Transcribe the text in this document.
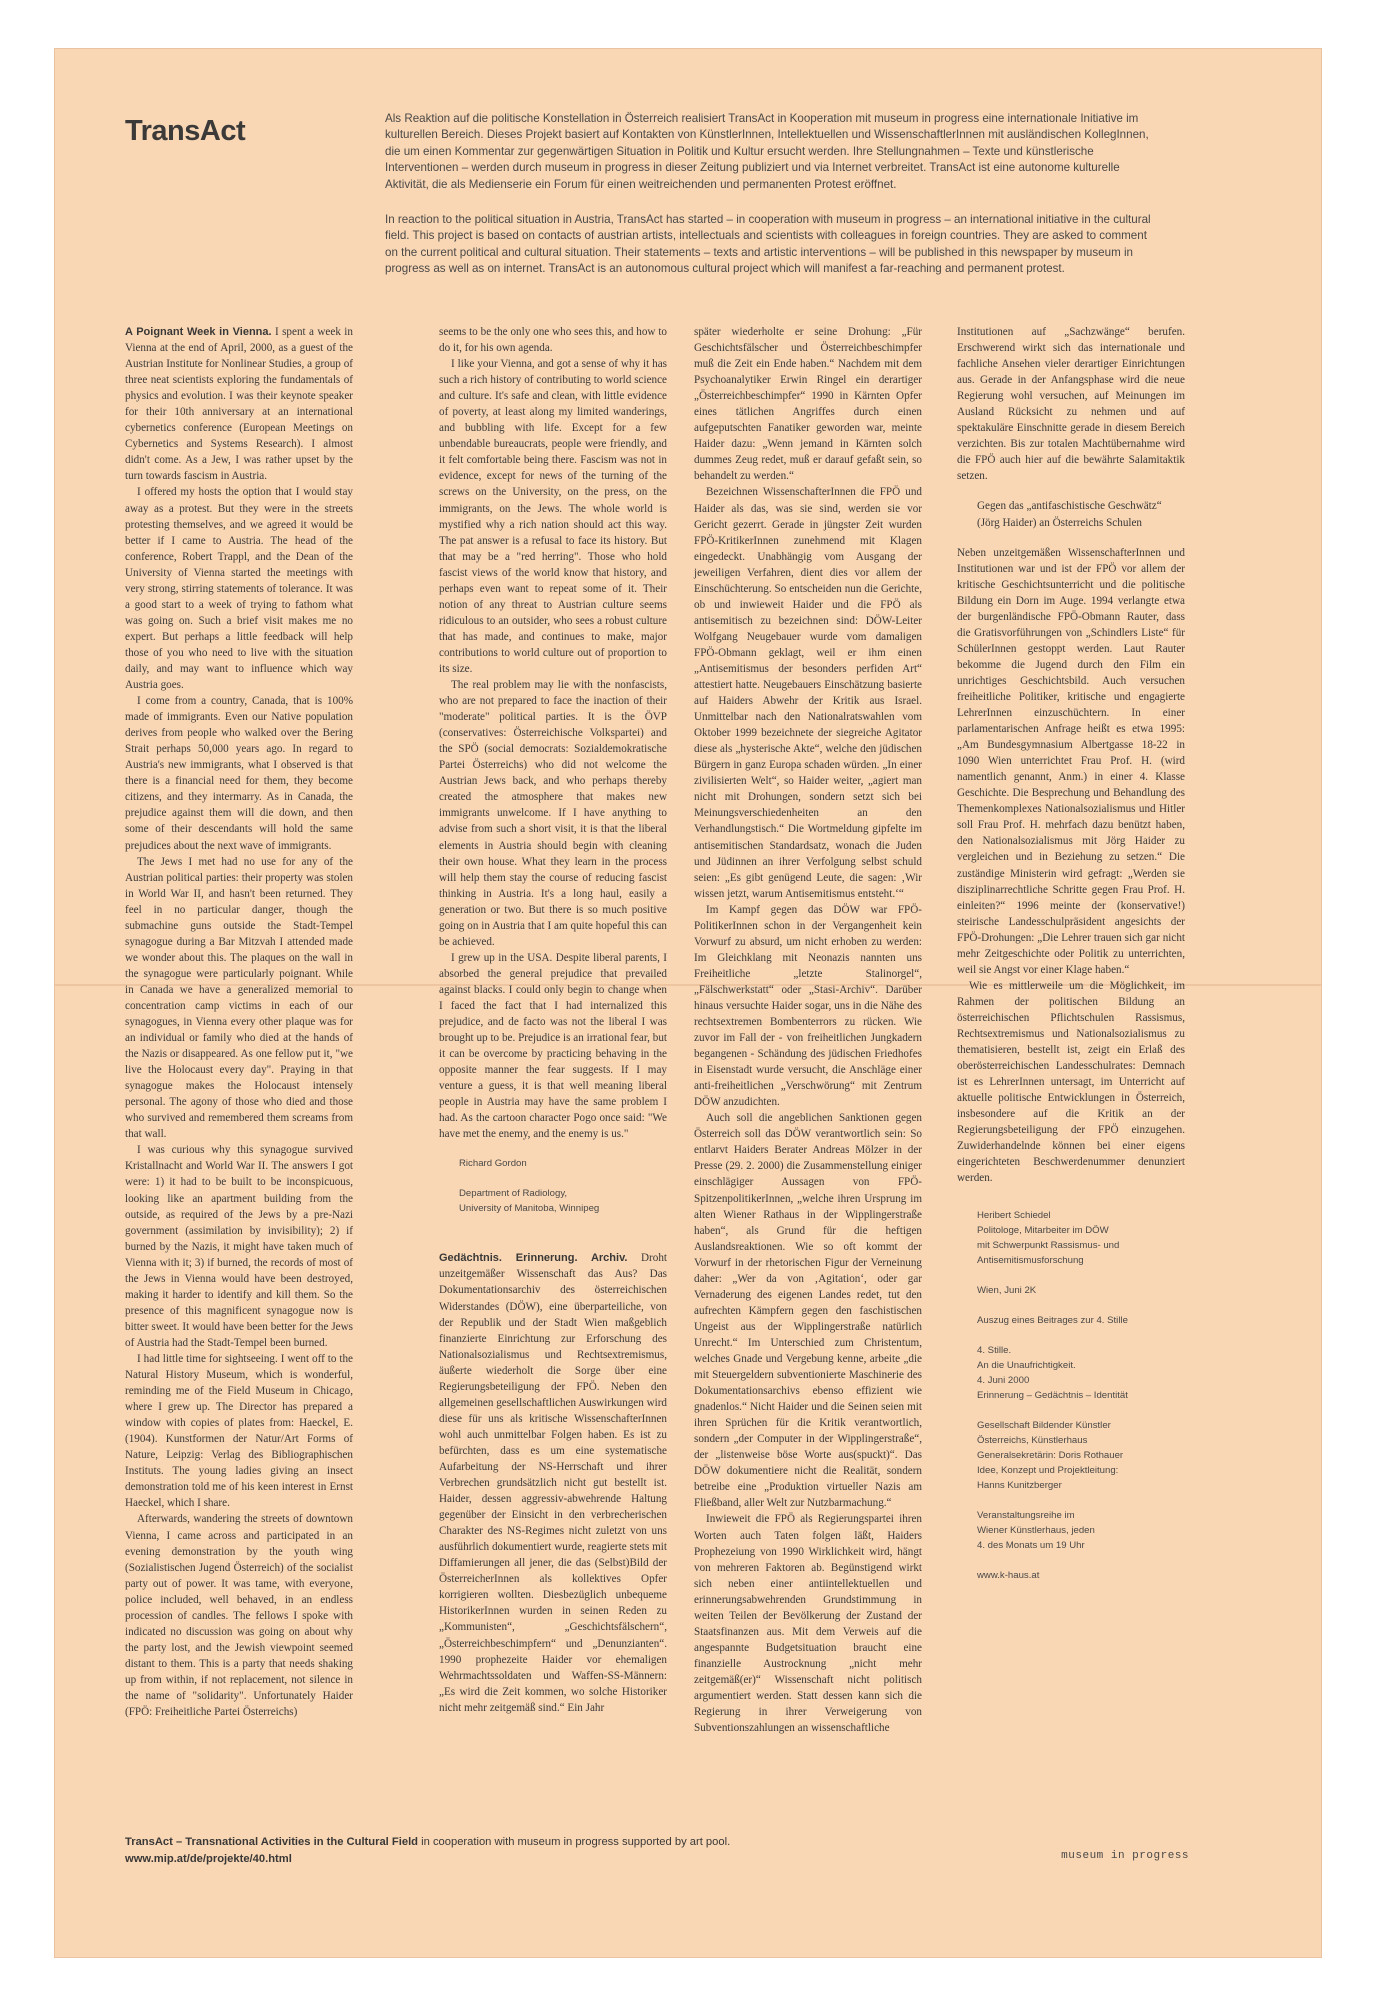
TransAct	Als Reaktion auf die politische Konstellation in Österreich realisiert TransAct in Kooperation mit museum in progress eine internationale Initiative im kulturellen Bereich. Dieses Projekt basiert auf Kontakten von KünstlerInnen, Intellektuellen und WissenschaftlerInnen mit ausländischen KollegInnen, die um einen Kommentar zur gegenwärtigen Situation in Politik und Kultur ersucht werden. Ihre Stellungnahmen – Texte und künstlerische Interventionen – werden durch museum in progress in dieser Zeitung publiziert und via Internet verbreitet. TransAct ist eine autonome kulturelle Aktivität, die als Medienserie ein Forum für einen weitreichenden und permanenten Protest eröffnet.

In reaction to the political situation in Austria, TransAct has started – in cooperation with museum in progress – an international initiative in the cultural field. This project is based on contacts of austrian artists, intellectuals and scientists with colleagues in foreign countries. They are asked to comment on the current political and cultural situation. Their statements – texts and artistic interventions – will be published in this newspaper by museum in progress as well as on internet. TransAct is an autonomous cultural project which will manifest a far-reaching and permanent protest.

A Poignant Week in Vienna. I spent a week in Vienna at the end of April, 2000, as a guest of the Austrian Institute for Nonlinear Studies, a group of three neat scientists exploring the fundamentals of physics and evolution. I was their keynote speaker for their 10th anniversary at an international cybernetics conference (European Meetings on Cybernetics and Systems Research). I almost didn't come. As a Jew, I was rather upset by the turn towards fascism in Austria.

I offered my hosts the option that I would stay away as a protest. But they were in the streets protesting themselves, and we agreed it would be better if I came to Austria. The head of the conference, Robert Trappl, and the Dean of the University of Vienna started the meetings with very strong, stirring statements of tolerance. It was a good start to a week of trying to fathom what was going on. Such a brief visit makes me no expert. But perhaps a little feedback will help those of you who need to live with the situation daily, and may want to influence which way Austria goes.

I come from a country, Canada, that is 100% made of immigrants. Even our Native population derives from people who walked over the Bering Strait perhaps 50,000 years ago. In regard to Austria's new immigrants, what I observed is that there is a financial need for them, they become citizens, and they intermarry. As in Canada, the prejudice against them will die down, and then some of their descendants will hold the same prejudices about the next wave of immigrants.

The Jews I met had no use for any of the Austrian political parties: their property was stolen in World War II, and hasn't been returned. They feel in no particular danger, though the submachine guns outside the Stadt-Tempel synagogue during a Bar Mitzvah I attended made we wonder about this. The plaques on the wall in the synagogue were particularly poignant. While in Canada we have a generalized memorial to concentration camp victims in each of our synagogues, in Vienna every other plaque was for an individual or family who died at the hands of the Nazis or disappeared. As one fellow put it, "we live the Holocaust every day". Praying in that synagogue makes the Holocaust intensely personal. The agony of those who died and those who survived and remembered them screams from that wall.

I was curious why this synagogue survived Kristallnacht and World War II. The answers I got were: 1) it had to be built to be inconspicuous, looking like an apartment building from the outside, as required of the Jews by a pre-Nazi government (assimilation by invisibility); 2) if burned by the Nazis, it might have taken much of Vienna with it; 3) if burned, the records of most of the Jews in Vienna would have been destroyed, making it harder to identify and kill them. So the presence of this magnificent synagogue now is bitter sweet. It would have been better for the Jews of Austria had the Stadt-Tempel been burned.

I had little time for sightseeing. I went off to the Natural History Museum, which is wonderful, reminding me of the Field Museum in Chicago, where I grew up. The Director has prepared a window with copies of plates from: Haeckel, E. (1904). Kunstformen der Natur/Art Forms of Nature, Leipzig: Verlag des Bibliographischen Instituts. The young ladies giving an insect demonstration told me of his keen interest in Ernst Haeckel, which I share.

Afterwards, wandering the streets of downtown Vienna, I came across and participated in an evening demonstration by the youth wing (Sozialistischen Jugend Österreich) of the socialist party out of power. It was tame, with everyone, police included, well behaved, in an endless procession of candles. The fellows I spoke with indicated no discussion was going on about why the party lost, and the Jewish viewpoint seemed distant to them. This is a party that needs shaking up from within, if not replacement, not silence in the name of "solidarity". Unfortunately Haider (FPÖ: Freiheitliche Partei Österreichs)

seems to be the only one who sees this, and how to do it, for his own agenda.

I like your Vienna, and got a sense of why it has such a rich history of contributing to world science and culture. It's safe and clean, with little evidence of poverty, at least along my limited wanderings, and bubbling with life. Except for a few unbendable bureaucrats, people were friendly, and it felt comfortable being there. Fascism was not in evidence, except for news of the turning of the screws on the University, on the press, on the immigrants, on the Jews. The whole world is mystified why a rich nation should act this way. The pat answer is a refusal to face its history. But that may be a "red herring". Those who hold fascist views of the world know that history, and perhaps even want to repeat some of it. Their notion of any threat to Austrian culture seems ridiculous to an outsider, who sees a robust culture that has made, and continues to make, major contributions to world culture out of proportion to its size.

The real problem may lie with the nonfascists, who are not prepared to face the inaction of their "moderate" political parties. It is the ÖVP (conservatives: Österreichische Volkspartei) and the SPÖ (social democrats: Sozialdemokratische Partei Österreichs) who did not welcome the Austrian Jews back, and who perhaps thereby created the atmosphere that makes new immigrants unwelcome. If I have anything to advise from such a short visit, it is that the liberal elements in Austria should begin with cleaning their own house. What they learn in the process will help them stay the course of reducing fascist thinking in Austria. It's a long haul, easily a generation or two. But there is so much positive going on in Austria that I am quite hopeful this can be achieved.

I grew up in the USA. Despite liberal parents, I absorbed the general prejudice that prevailed against blacks. I could only begin to change when I faced the fact that I had internalized this prejudice, and de facto was not the liberal I was brought up to be. Prejudice is an irrational fear, but it can be overcome by practicing behaving in the opposite manner the fear suggests. If I may venture a guess, it is that well meaning liberal people in Austria may have the same problem I had. As the cartoon character Pogo once said: "We have met the enemy, and the enemy is us."

Richard Gordon
Department of Radiology,
University of Manitoba, Winnipeg

Gedächtnis. Erinnerung. Archiv. Droht unzeitgemäßer Wissenschaft das Aus? Das Dokumentationsarchiv des österreichischen Widerstandes (DÖW), eine überparteiliche, von der Republik und der Stadt Wien maßgeblich finanzierte Einrichtung zur Erforschung des Nationalsozialismus und Rechtsextremismus, äußerte wiederholt die Sorge über eine Regierungsbeteiligung der FPÖ. Neben den allgemeinen gesellschaftlichen Auswirkungen wird diese für uns als kritische WissenschafterInnen wohl auch unmittelbar Folgen haben. Es ist zu befürchten, dass es um eine systematische Aufarbeitung der NS-Herrschaft und ihrer Verbrechen grundsätzlich nicht gut bestellt ist. Haider, dessen aggressiv-abwehrende Haltung gegenüber der Einsicht in den verbrecherischen Charakter des NS-Regimes nicht zuletzt von uns ausführlich dokumentiert wurde, reagierte stets mit Diffamierungen all jener, die das (Selbst)Bild der ÖsterreicherInnen als kollektives Opfer korrigieren wollten. Diesbezüglich unbequeme HistorikerInnen wurden in seinen Reden zu „Kommunisten“, „Geschichtsfälschern“, „Österreichbeschimpfern“ und „Denunzianten“. 1990 prophezeite Haider vor ehemaligen Wehrmachtssoldaten und Waffen-SS-Männern: „Es wird die Zeit kommen, wo solche Historiker nicht mehr zeitgemäß sind.“ Ein Jahr

später wiederholte er seine Drohung: „Für Geschichtsfälscher und Österreichbeschimpfer muß die Zeit ein Ende haben.“ Nachdem mit dem Psychoanalytiker Erwin Ringel ein derartiger „Österreichbeschimpfer“ 1990 in Kärnten Opfer eines tätlichen Angriffes durch einen aufgeputschten Fanatiker geworden war, meinte Haider dazu: „Wenn jemand in Kärnten solch dummes Zeug redet, muß er darauf gefaßt sein, so behandelt zu werden.“

Bezeichnen WissenschafterInnen die FPÖ und Haider als das, was sie sind, werden sie vor Gericht gezerrt. Gerade in jüngster Zeit wurden FPÖ-KritikerInnen zunehmend mit Klagen eingedeckt. Unabhängig vom Ausgang der jeweiligen Verfahren, dient dies vor allem der Einschüchterung. So entscheiden nun die Gerichte, ob und inwieweit Haider und die FPÖ als antisemitisch zu bezeichnen sind: DÖW-Leiter Wolfgang Neugebauer wurde vom damaligen FPÖ-Obmann geklagt, weil er ihm einen „Antisemitismus der besonders perfiden Art“ attestiert hatte. Neugebauers Einschätzung basierte auf Haiders Abwehr der Kritik aus Israel. Unmittelbar nach den Nationalratswahlen vom Oktober 1999 bezeichnete der siegreiche Agitator diese als „hysterische Akte“, welche den jüdischen Bürgern in ganz Europa schaden würden. „In einer zivilisierten Welt“, so Haider weiter, „agiert man nicht mit Drohungen, sondern setzt sich bei Meinungsverschiedenheiten an den Verhandlungstisch.“ Die Wortmeldung gipfelte im antisemitischen Standardsatz, wonach die Juden und Jüdinnen an ihrer Verfolgung selbst schuld seien: „Es gibt genügend Leute, die sagen: ‚Wir wissen jetzt, warum Antisemitismus entsteht.‘“

Im Kampf gegen das DÖW war FPÖ-PolitikerInnen schon in der Vergangenheit kein Vorwurf zu absurd, um nicht erhoben zu werden: Im Gleichklang mit Neonazis nannten uns Freiheitliche „letzte Stalinorgel“, „Fälschwerkstatt“ oder „Stasi-Archiv“. Darüber hinaus versuchte Haider sogar, uns in die Nähe des rechtsextremen Bombenterrors zu rücken. Wie zuvor im Fall der - von freiheitlichen Jungkadern begangenen - Schändung des jüdischen Friedhofes in Eisenstadt wurde versucht, die Anschläge einer anti-freiheitlichen „Verschwörung“ mit Zentrum DÖW anzudichten.

Auch soll die angeblichen Sanktionen gegen Österreich soll das DÖW verantwortlich sein: So entlarvt Haiders Berater Andreas Mölzer in der Presse (29. 2. 2000) die Zusammenstellung einiger einschlägiger Aussagen von FPÖ-SpitzenpolitikerInnen, „welche ihren Ursprung im alten Wiener Rathaus in der Wipplingerstraße haben“, als Grund für die heftigen Auslandsreaktionen. Wie so oft kommt der Vorwurf in der rhetorischen Figur der Verneinung daher: „Wer da von ‚Agitation‘, oder gar Vernaderung des eigenen Landes redet, tut den aufrechten Kämpfern gegen den faschistischen Ungeist aus der Wipplingerstraße natürlich Unrecht.“ Im Unterschied zum Christentum, welches Gnade und Vergebung kenne, arbeite „die mit Steuergeldern subventionierte Maschinerie des Dokumentationsarchivs ebenso effizient wie gnadenlos.“ Nicht Haider und die Seinen seien mit ihren Sprüchen für die Kritik verantwortlich, sondern „der Computer in der Wipplingerstraße“, der „listenweise böse Worte aus(spuckt)“. Das DÖW dokumentiere nicht die Realität, sondern betreibe eine „Produktion virtueller Nazis am Fließband, aller Welt zur Nutzbarmachung.“

Inwieweit die FPÖ als Regierungspartei ihren Worten auch Taten folgen läßt, Haiders Prophezeiung von 1990 Wirklichkeit wird, hängt von mehreren Faktoren ab. Begünstigend wirkt sich neben einer antiintellektuellen und erinnerungsabwehrenden Grundstimmung in weiten Teilen der Bevölkerung der Zustand der Staatsfinanzen aus. Mit dem Verweis auf die angespannte Budgetsituation braucht eine finanzielle Austrocknung „nicht mehr zeitgemäß(er)“ Wissenschaft nicht politisch argumentiert werden. Statt dessen kann sich die Regierung in ihrer Verweigerung von Subventionszahlungen an wissenschaftliche

Institutionen auf „Sachzwänge“ berufen. Erschwerend wirkt sich das internationale und fachliche Ansehen vieler derartiger Einrichtungen aus. Gerade in der Anfangsphase wird die neue Regierung wohl versuchen, auf Meinungen im Ausland Rücksicht zu nehmen und auf spektakuläre Einschnitte gerade in diesem Bereich verzichten. Bis zur totalen Machtübernahme wird die FPÖ auch hier auf die bewährte Salamitaktik setzen.

Gegen das „antifaschistische Geschwätz“ (Jörg Haider) an Österreichs Schulen

Neben unzeitgemäßen WissenschafterInnen und Institutionen war und ist der FPÖ vor allem der kritische Geschichtsunterricht und die politische Bildung ein Dorn im Auge. 1994 verlangte etwa der burgenländische FPÖ-Obmann Rauter, dass die Gratisvorführungen von „Schindlers Liste“ für SchülerInnen gestoppt werden. Laut Rauter bekomme die Jugend durch den Film ein unrichtiges Geschichtsbild. Auch versuchen freiheitliche Politiker, kritische und engagierte LehrerInnen einzuschüchtern. In einer parlamentarischen Anfrage heißt es etwa 1995: „Am Bundesgymnasium Albertgasse 18-22 in 1090 Wien unterrichtet Frau Prof. H. (wird namentlich genannt, Anm.) in einer 4. Klasse Geschichte. Die Besprechung und Behandlung des Themenkomplexes Nationalsozialismus und Hitler soll Frau Prof. H. mehrfach dazu benützt haben, den Nationalsozialismus mit Jörg Haider zu vergleichen und in Beziehung zu setzen.“ Die zuständige Ministerin wird gefragt: „Werden sie disziplinarrechtliche Schritte gegen Frau Prof. H. einleiten?“ 1996 meinte der (konservative!) steirische Landesschulpräsident angesichts der FPÖ-Drohungen: „Die Lehrer trauen sich gar nicht mehr Zeitgeschichte oder Politik zu unterrichten, weil sie Angst vor einer Klage haben.“

Wie es mittlerweile um die Möglichkeit, im Rahmen der politischen Bildung an österreichischen Pflichtschulen Rassismus, Rechtsextremismus und Nationalsozialismus zu thematisieren, bestellt ist, zeigt ein Erlaß des oberösterreichischen Landesschulrates: Demnach ist es LehrerInnen untersagt, im Unterricht auf aktuelle politische Entwicklungen in Österreich, insbesondere auf die Kritik an der Regierungsbeteiligung der FPÖ einzugehen. Zuwiderhandelnde können bei einer eigens eingerichteten Beschwerdenummer denunziert werden.

Heribert Schiedel
Politologe, Mitarbeiter im DÖW
mit Schwerpunkt Rassismus- und
Antisemitismusforschung
Wien, Juni 2K
Auszug eines Beitrages zur 4. Stille
4. Stille.
An die Unaufrichtigkeit.
4. Juni 2000
Erinnerung – Gedächtnis – Identität
Gesellschaft Bildender Künstler
Österreichs, Künstlerhaus
Generalsekretärin: Doris Rothauer
Idee, Konzept und Projektleitung:
Hanns Kunitzberger
Veranstaltungsreihe im
Wiener Künstlerhaus, jeden
4. des Monats um 19 Uhr
www.k-haus.at

TransAct – Transnational Activities in the Cultural Field in cooperation with museum in progress supported by art pool.

www.mip.at/de/projekte/40.html	museum in progress
